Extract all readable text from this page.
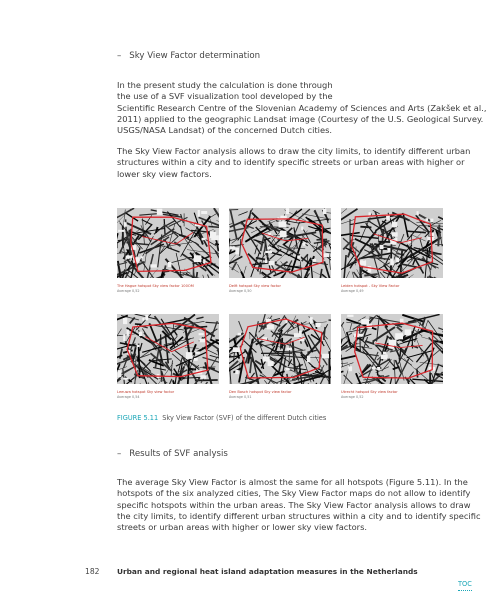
– Sky View Factor determination
In the present study the calculation is done through
the use of a SVF visualization tool developed by the
Scientific Research Centre of the Slovenian Academy of Sciences and Arts (Zakšek et al.,
2011) applied to the geographic Landsat image (Courtesy of the U.S. Geological Survey.
USGS/NASA Landsat) of the concerned Dutch cities.
The Sky View Factor analysis allows to draw the city limits, to identify different urban
structures within a city and to identify specific streets or urban areas with higher or
lower sky view factors.
The Hague hotspot Sky view factor 100OM
Average 0,52
Delft hotspot Sky view factor
Average 0,50
Leiden hotspot - Sky View Factor
Average 0,49
Leeuwa hotspot Sky view factor
Average 0,54
Den Bosch hotspot Sky view factor
Average 0,51
Utrecht hotspot Sky view factor
Average 0,52
FIGURE 5.11 Sky View Factor (SVF) of the different Dutch cities
– Results of SVF analysis
The average Sky View Factor is almost the same for all hotspots (Figure 5.11). In the
hotspots of the six analyzed cities, The Sky View Factor maps do not allow to identify
specific hotspots within the urban areas. The Sky View Factor analysis allows to draw
the city limits, to identify different urban structures within a city and to identify specific
streets or urban areas with higher or lower sky view factors.
182 Urban and regional heat island adaptation measures in the Netherlands
TOC
